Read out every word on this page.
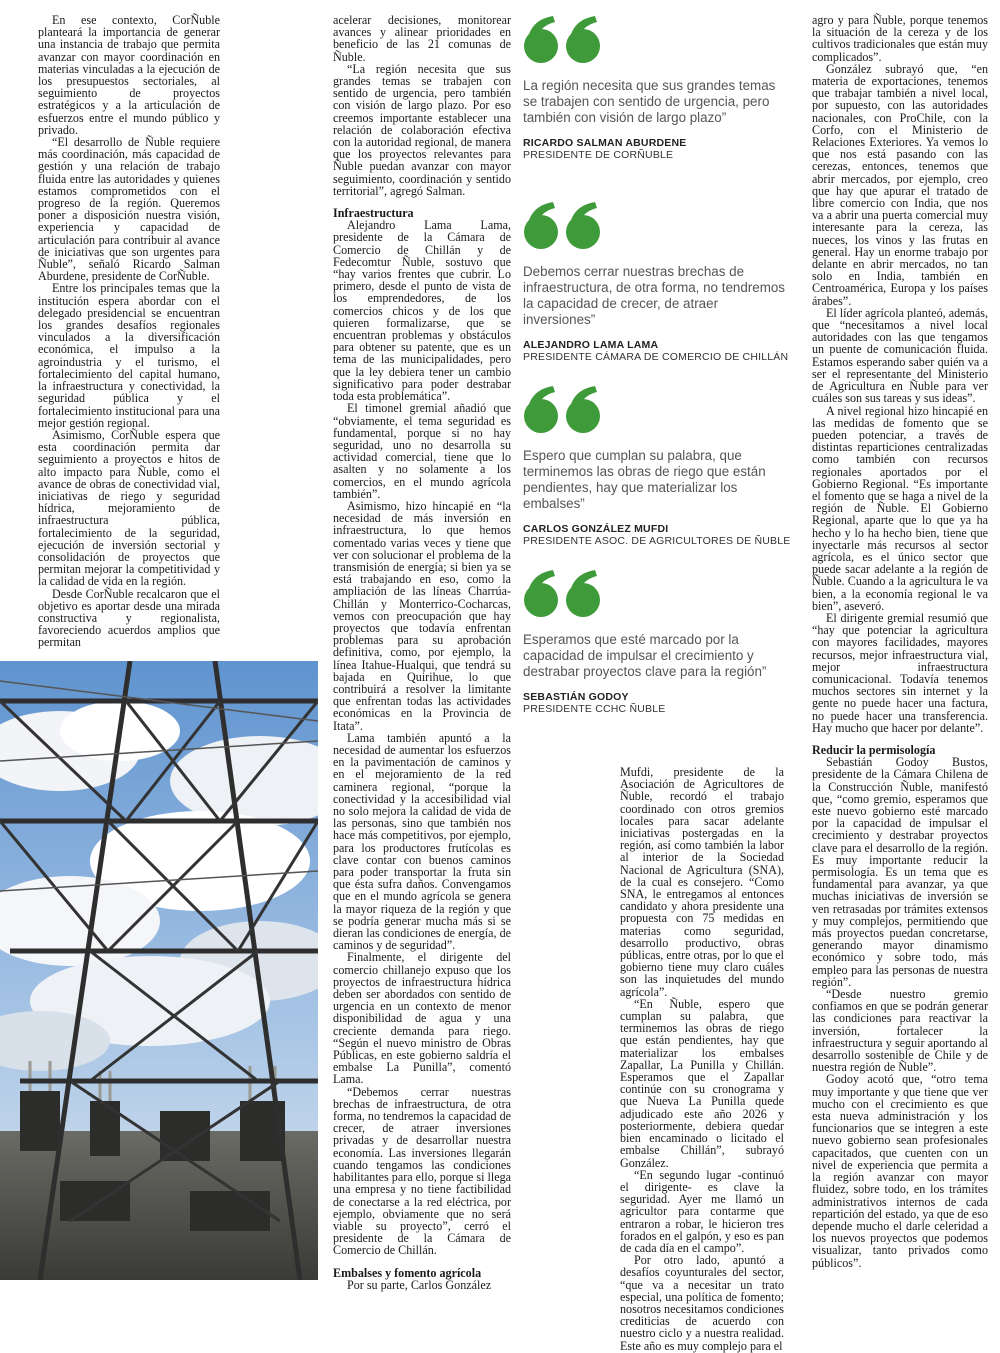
En ese contexto, CorÑuble planteará la importancia de generar una instancia de trabajo que permita avanzar con mayor coordinación en materias vinculadas a la ejecución de los presupuestos sectoriales, al seguimiento de proyectos estratégicos y a la articulación de esfuerzos entre el mundo público y privado.

“El desarrollo de Ñuble requiere más coordinación, más capacidad de gestión y una relación de trabajo fluida entre las autoridades y quienes estamos comprometidos con el progreso de la región. Queremos poner a disposición nuestra visión, experiencia y capacidad de articulación para contribuir al avance de iniciativas que son urgentes para Ñuble”, señaló Ricardo Salman Aburdene, presidente de CorÑuble.

Entre los principales temas que la institución espera abordar con el delegado presidencial se encuentran los grandes desafíos regionales vinculados a la diversificación económica, el impulso a la agroindustria y el turismo, el fortalecimiento del capital humano, la infraestructura y conectividad, la seguridad pública y el fortalecimiento institucional para una mejor gestión regional.

Asimismo, CorÑuble espera que esta coordinación permita dar seguimiento a proyectos e hitos de alto impacto para Ñuble, como el avance de obras de conectividad vial, iniciativas de riego y seguridad hídrica, mejoramiento de infraestructura pública, fortalecimiento de la seguridad, ejecución de inversión sectorial y consolidación de proyectos que permitan mejorar la competitividad y la calidad de vida en la región.

Desde CorÑuble recalcaron que el objetivo es aportar desde una mirada constructiva y regionalista, favoreciendo acuerdos amplios que permitan

acelerar decisiones, monitorear avances y alinear prioridades en beneficio de las 21 comunas de Ñuble.

“La región necesita que sus grandes temas se trabajen con sentido de urgencia, pero también con visión de largo plazo. Por eso creemos importante establecer una relación de colaboración efectiva con la autoridad regional, de manera que los proyectos relevantes para Ñuble puedan avanzar con mayor seguimiento, coordinación y sentido territorial”, agregó Salman.

Infraestructura

Alejandro Lama Lama, presidente de la Cámara de Comercio de Chillán y de Fedecomtur Ñuble, sostuvo que “hay varios frentes que cubrir. Lo primero, desde el punto de vista de los emprendedores, de los comercios chicos y de los que quieren formalizarse, que se encuentran problemas y obstáculos para obtener su patente, que es un tema de las municipalidades, pero que la ley debiera tener un cambio significativo para poder destrabar toda esta problemática”.

El timonel gremial añadió que “obviamente, el tema seguridad es fundamental, porque si no hay seguridad, uno no desarrolla su actividad comercial, tiene que lo asalten y no solamente a los comercios, en el mundo agrícola también”.

Asimismo, hizo hincapié en “la necesidad de más inversión en infraestructura, lo que hemos comentado varias veces y tiene que ver con solucionar el problema de la transmisión de energía; si bien ya se está trabajando en eso, como la ampliación de las líneas Charrúa-Chillán y Monterrico-Cocharcas, vemos con preocupación que hay proyectos que todavía enfrentan problemas para su aprobación definitiva, como, por ejemplo, la línea Itahue-Hualqui, que tendrá su bajada en Quirihue, lo que contribuirá a resolver la limitante que enfrentan todas las actividades económicas en la Provincia de Itata”.

Lama también apuntó a la necesidad de aumentar los esfuerzos en la pavimentación de caminos y en el mejoramiento de la red caminera regional, “porque la conectividad y la accesibilidad vial no solo mejora la calidad de vida de las personas, sino que también nos hace más competitivos, por ejemplo, para los productores frutícolas es clave contar con buenos caminos para poder transportar la fruta sin que ésta sufra daños. Convengamos que en el mundo agrícola se genera la mayor riqueza de la región y que se podría generar mucha más si se dieran las condiciones de energía, de caminos y de seguridad”.

Finalmente, el dirigente del comercio chillanejo expuso que los proyectos de infraestructura hídrica deben ser abordados con sentido de urgencia en un contexto de menor disponibilidad de agua y una creciente demanda para riego. “Según el nuevo ministro de Obras Públicas, en este gobierno saldría el embalse La Punilla”, comentó Lama.

“Debemos cerrar nuestras brechas de infraestructura, de otra forma, no tendremos la capacidad de crecer, de atraer inversiones privadas y de desarrollar nuestra economía. Las inversiones llegarán cuando tengamos las condiciones habilitantes para ello, porque si llega una empresa y no tiene factibilidad de conectarse a la red eléctrica, por ejemplo, obviamente que no será viable su proyecto”, cerró el presidente de la Cámara de Comercio de Chillán.

Embalses y fomento agrícola

Por su parte, Carlos González

La región necesita que sus grandes temas se trabajen con sentido de urgencia, pero también con visión de largo plazo”

RICARDO SALMAN ABURDENE
PRESIDENTE DE CORÑUBLE

Debemos cerrar nuestras brechas de infraestructura, de otra forma, no tendremos la capacidad de crecer, de atraer inversiones”

ALEJANDRO LAMA LAMA
PRESIDENTE CÁMARA DE COMERCIO DE CHILLÁN

Espero que cumplan su palabra, que terminemos las obras de riego que están pendientes, hay que materializar los embalses”

CARLOS GONZÁLEZ MUFDI
PRESIDENTE ASOC. DE AGRICULTORES DE ÑUBLE

Esperamos que esté marcado por la capacidad de impulsar el crecimiento y destrabar proyectos clave para la región”

SEBASTIÁN GODOY
PRESIDENTE CCHC ÑUBLE

Mufdi, presidente de la Asociación de Agricultores de Ñuble, recordó el trabajo coordinado con otros gremios locales para sacar adelante iniciativas postergadas en la región, así como también la labor al interior de la Sociedad Nacional de Agricultura (SNA), de la cual es consejero. “Como SNA, le entregamos al entonces candidato y ahora presidente una propuesta con 75 medidas en materias como seguridad, desarrollo productivo, obras públicas, entre otras, por lo que el gobierno tiene muy claro cuáles son las inquietudes del mundo agrícola”.

“En Ñuble, espero que cumplan su palabra, que terminemos las obras de riego que están pendientes, hay que materializar los embalses Zapallar, La Punilla y Chillán. Esperamos que el Zapallar continúe con su cronograma y que Nueva La Punilla quede adjudicado este año 2026 y posteriormente, debiera quedar bien encaminado o licitado el embalse Chillán”, subrayó González.

“En segundo lugar -continuó el dirigente- es clave la seguridad. Ayer me llamó un agricultor para contarme que entraron a robar, le hicieron tres forados en el galpón, y eso es pan de cada día en el campo”.

Por otro lado, apuntó a desafíos coyunturales del sector, “que va a necesitar un trato especial, una política de fomento; nosotros necesitamos condiciones crediticias de acuerdo con nuestro ciclo y a nuestra realidad. Este año es muy complejo para el

agro y para Ñuble, porque tenemos la situación de la cereza y de los cultivos tradicionales que están muy complicados”.

González subrayó que, “en materia de exportaciones, tenemos que trabajar también a nivel local, por supuesto, con las autoridades nacionales, con ProChile, con la Corfo, con el Ministerio de Relaciones Exteriores. Ya vemos lo que nos está pasando con las cerezas, entonces, tenemos que abrir mercados, por ejemplo, creo que hay que apurar el tratado de libre comercio con India, que nos va a abrir una puerta comercial muy interesante para la cereza, las nueces, los vinos y las frutas en general. Hay un enorme trabajo por delante en abrir mercados, no tan solo en India, también en Centroamérica, Europa y los países árabes”.

El líder agrícola planteó, además, que “necesitamos a nivel local autoridades con las que tengamos un puente de comunicación fluida. Estamos esperando saber quién va a ser el representante del Ministerio de Agricultura en Ñuble para ver cuáles son sus tareas y sus ideas”.

A nivel regional hizo hincapié en las medidas de fomento que se pueden potenciar, a través de distintas reparticiones centralizadas como también con recursos regionales aportados por el Gobierno Regional. “Es importante el fomento que se haga a nivel de la región de Ñuble. El Gobierno Regional, aparte que lo que ya ha hecho y lo ha hecho bien, tiene que inyectarle más recursos al sector agrícola, es el único sector que puede sacar adelante a la región de Ñuble. Cuando a la agricultura le va bien, a la economía regional le va bien”, aseveró.

El dirigente gremial resumió que “hay que potenciar la agricultura con mayores facilidades, mayores recursos, mejor infraestructura vial, mejor infraestructura comunicacional. Todavía tenemos muchos sectores sin internet y la gente no puede hacer una factura, no puede hacer una transferencia. Hay mucho que hacer por delante”.

Reducir la permisología

Sebastián Godoy Bustos, presidente de la Cámara Chilena de la Construcción Ñuble, manifestó que, “como gremio, esperamos que este nuevo gobierno esté marcado por la capacidad de impulsar el crecimiento y destrabar proyectos clave para el desarrollo de la región. Es muy importante reducir la permisología. Es un tema que es fundamental para avanzar, ya que muchas iniciativas de inversión se ven retrasadas por trámites extensos y muy complejos, permitiendo que más proyectos puedan concretarse, generando mayor dinamismo económico y sobre todo, más empleo para las personas de nuestra región”.

“Desde nuestro gremio confiamos en que se podrán generar las condiciones para reactivar la inversión, fortalecer la infraestructura y seguir aportando al desarrollo sostenible de Chile y de nuestra región de Ñuble”.

Godoy acotó que, “otro tema muy importante y que tiene que ver mucho con el crecimiento es que esta nueva administración y los funcionarios que se integren a este nuevo gobierno sean profesionales capacitados, que cuenten con un nivel de experiencia que permita a la región avanzar con mayor fluidez, sobre todo, en los trámites administrativos internos de cada repartición del estado, ya que de eso depende mucho el darle celeridad a los nuevos proyectos que podemos visualizar, tanto privados como públicos”.
